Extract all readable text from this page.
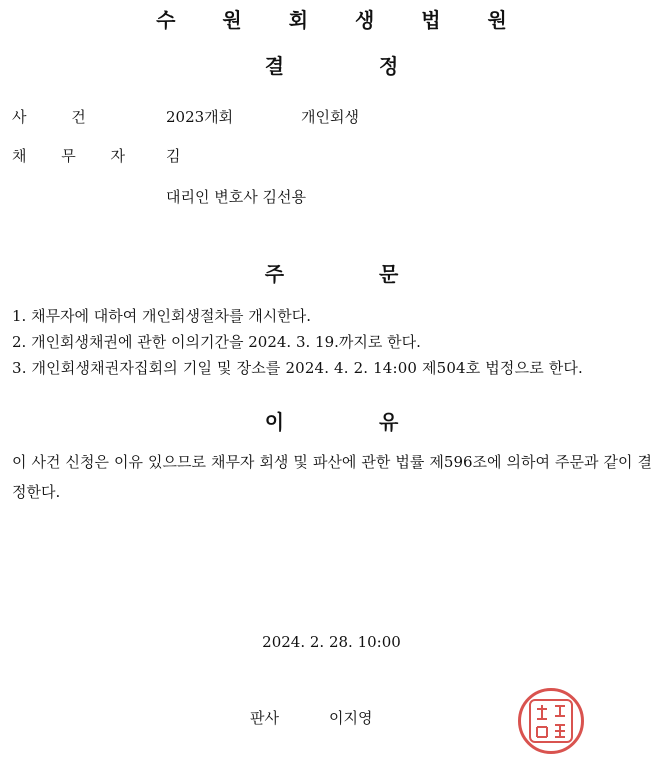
수 원 회 생 법 원
결 정
사 건	2023개회	개인회생
채 무 자	김
대리인 변호사 김선용
주 문
1. 채무자에 대하여 개인회생절차를 개시한다.
2. 개인회생채권에 관한 이의기간을 2024. 3. 19.까지로 한다.
3. 개인회생채권자집회의 기일 및 장소를 2024. 4. 2. 14:00 제504호 법정으로 한다.
이 유
이 사건 신청은 이유 있으므로 채무자 회생 및 파산에 관한 법률 제596조에 의하여 주문과 같이 결정한다.
2024. 2. 28. 10:00
판사	이지영
